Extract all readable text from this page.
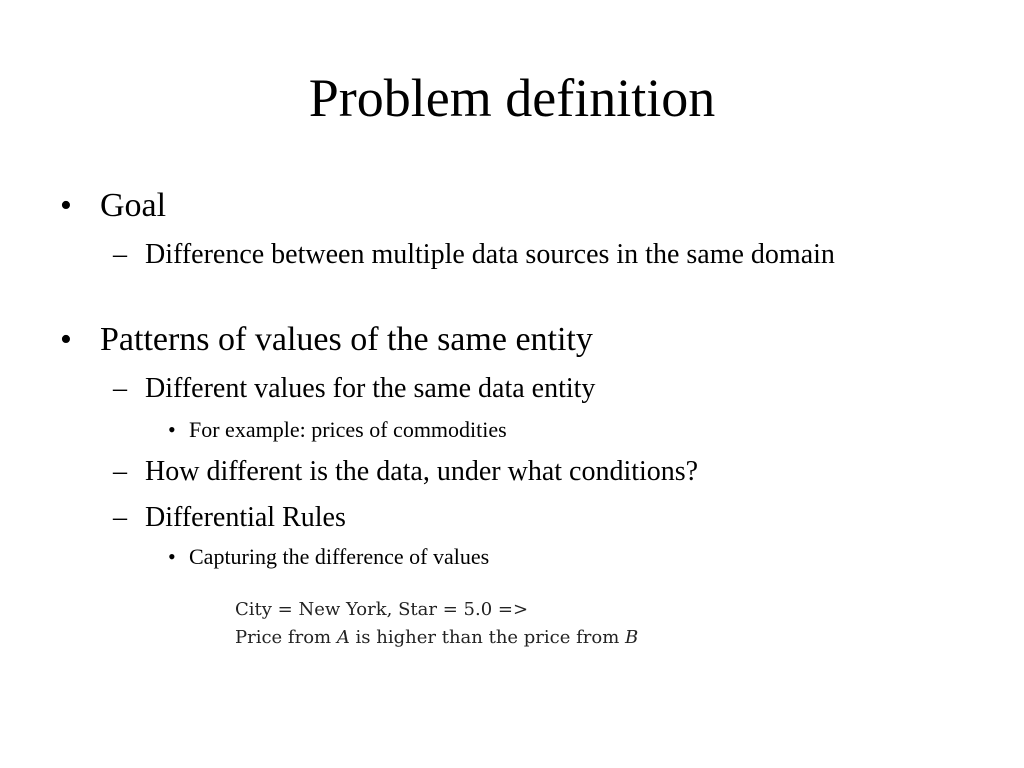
Problem definition
• Goal
– Difference between multiple data sources in the same domain
• Patterns of values of the same entity
– Different values for the same data entity
• For example: prices of commodities
– How different is the data, under what conditions?
– Differential Rules
• Capturing the difference of values
City = New York, Star = 5.0 =>
Price from A is higher than the price from B
